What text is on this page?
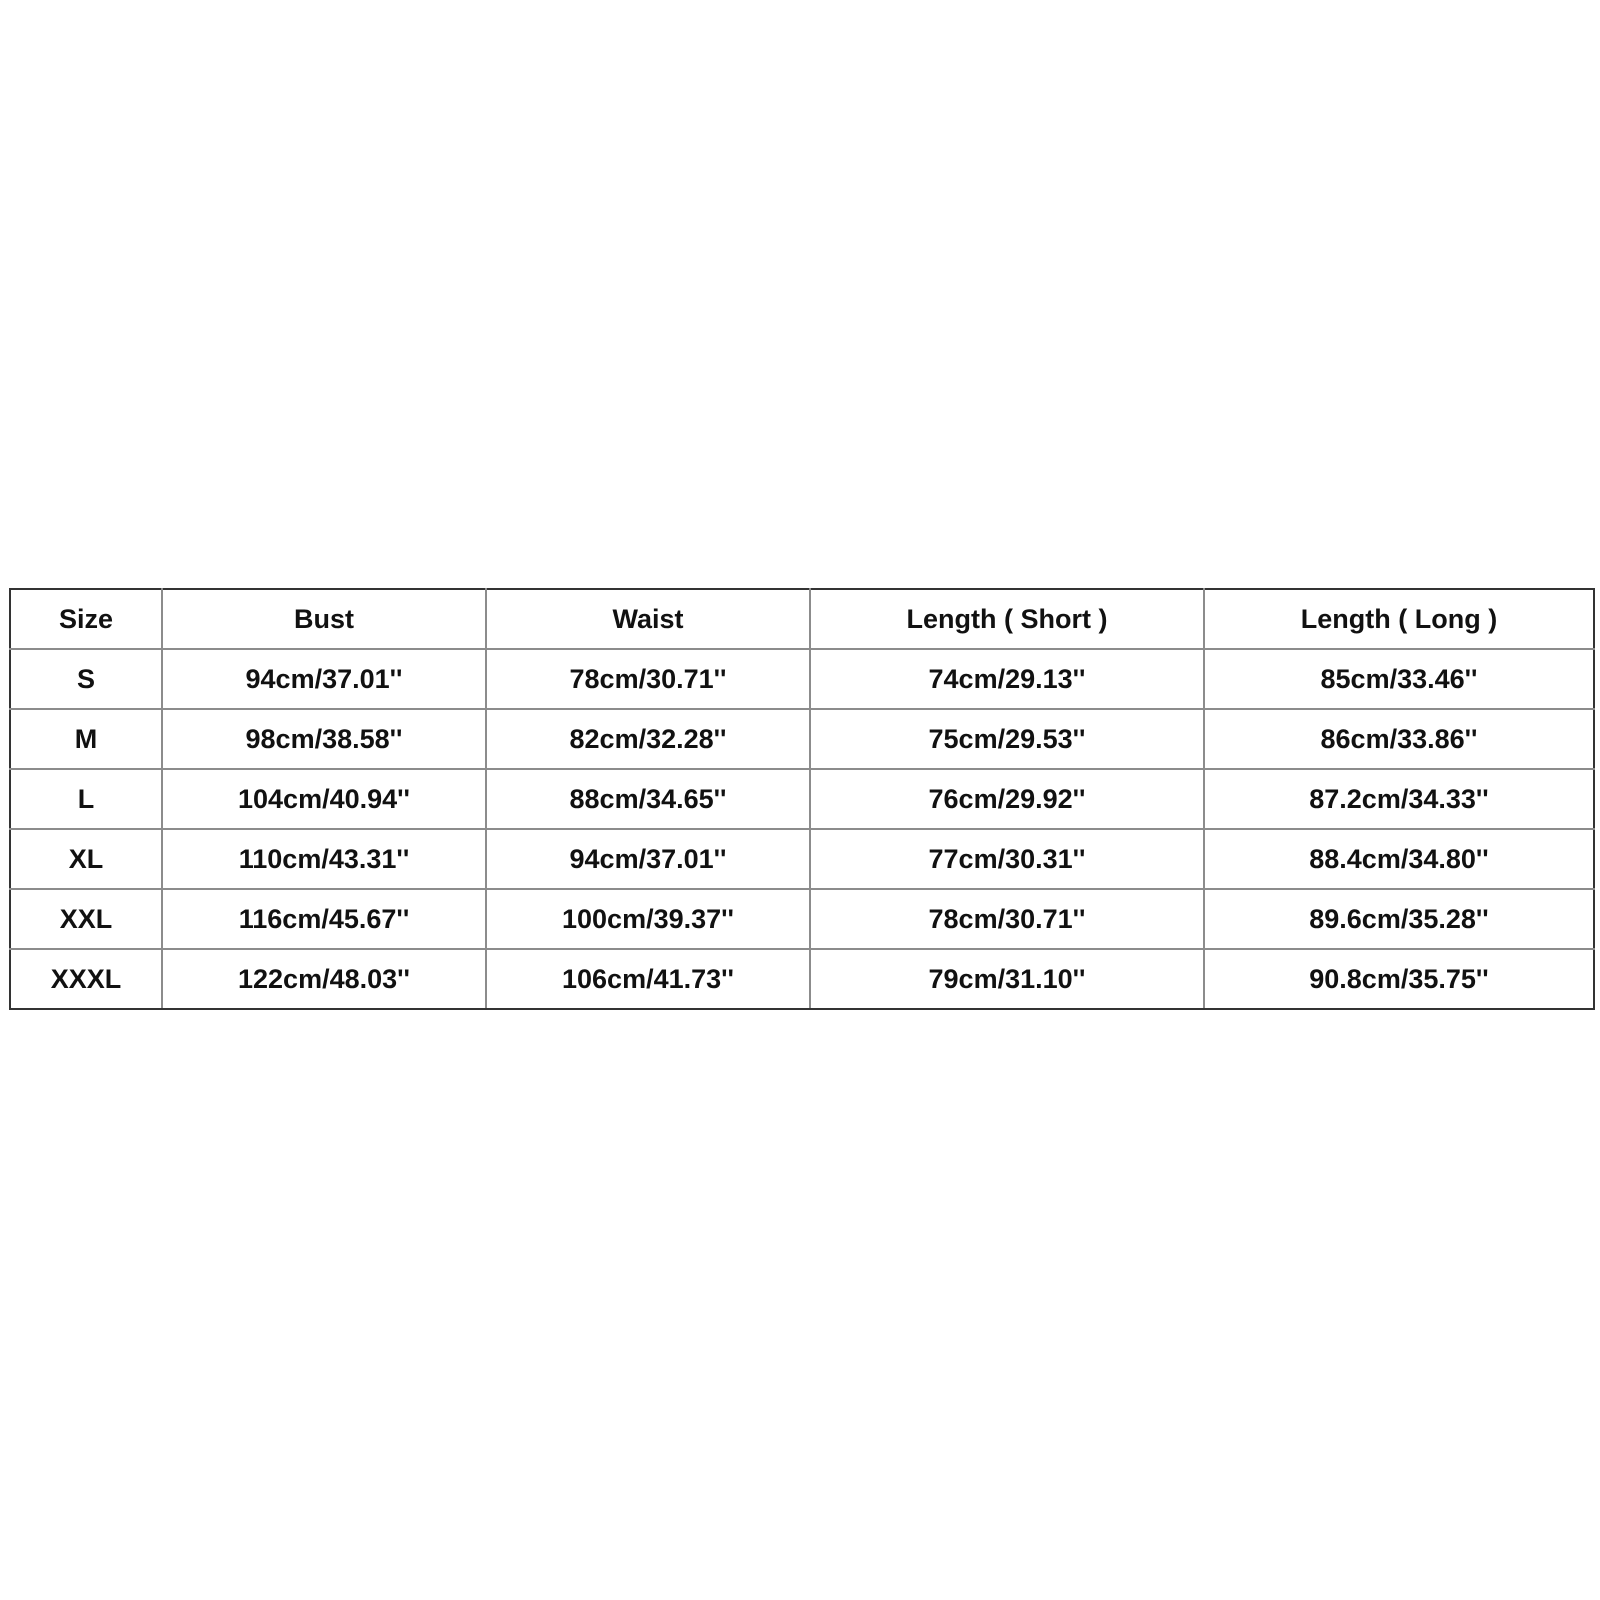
Size	Bust	Waist	Length ( Short )	Length ( Long )
S	94cm/37.01''	78cm/30.71''	74cm/29.13''	85cm/33.46''
M	98cm/38.58''	82cm/32.28''	75cm/29.53''	86cm/33.86''
L	104cm/40.94''	88cm/34.65''	76cm/29.92''	87.2cm/34.33''
XL	110cm/43.31''	94cm/37.01''	77cm/30.31''	88.4cm/34.80''
XXL	116cm/45.67''	100cm/39.37''	78cm/30.71''	89.6cm/35.28''
XXXL	122cm/48.03''	106cm/41.73''	79cm/31.10''	90.8cm/35.75''
